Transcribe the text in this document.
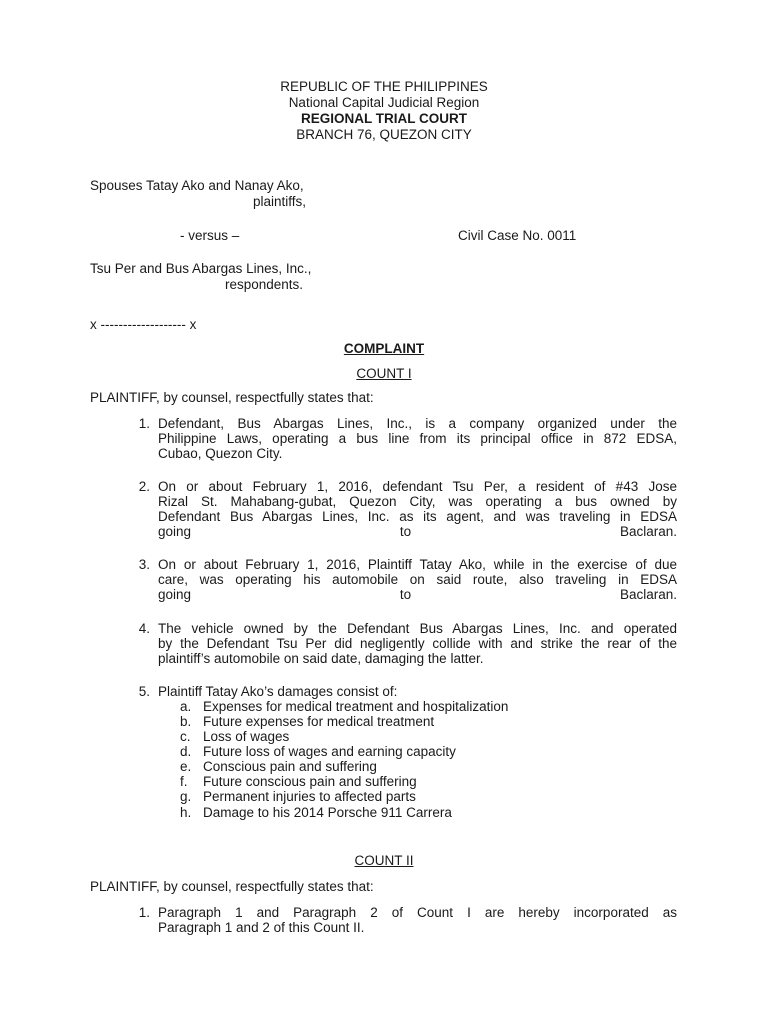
REPUBLIC OF THE PHILIPPINES
National Capital Judicial Region
REGIONAL TRIAL COURT
BRANCH 76, QUEZON CITY
Spouses Tatay Ako and Nanay Ako,
plaintiffs,
- versus –	Civil Case No. 0011
Tsu Per and Bus Abargas Lines, Inc.,
respondents.
x ------------------- x
COMPLAINT
COUNT I
PLAINTIFF, by counsel, respectfully states that:
1. Defendant, Bus Abargas Lines, Inc., is a company organized under the
Philippine Laws, operating a bus line from its principal office in 872 EDSA,
Cubao, Quezon City.
2. On or about February 1, 2016, defendant Tsu Per, a resident of #43 Jose
Rizal St. Mahabang-gubat, Quezon City, was operating a bus owned by
Defendant Bus Abargas Lines, Inc. as its agent, and was traveling in EDSA
going to Baclaran.
3. On or about February 1, 2016, Plaintiff Tatay Ako, while in the exercise of due
care, was operating his automobile on said route, also traveling in EDSA
going to Baclaran.
4. The vehicle owned by the Defendant Bus Abargas Lines, Inc. and operated
by the Defendant Tsu Per did negligently collide with and strike the rear of the
plaintiff’s automobile on said date, damaging the latter.
5. Plaintiff Tatay Ako’s damages consist of:
a. Expenses for medical treatment and hospitalization
b. Future expenses for medical treatment
c. Loss of wages
d. Future loss of wages and earning capacity
e. Conscious pain and suffering
f. Future conscious pain and suffering
g. Permanent injuries to affected parts
h. Damage to his 2014 Porsche 911 Carrera
COUNT II
PLAINTIFF, by counsel, respectfully states that:
1. Paragraph 1 and Paragraph 2 of Count I are hereby incorporated as
Paragraph 1 and 2 of this Count II.
